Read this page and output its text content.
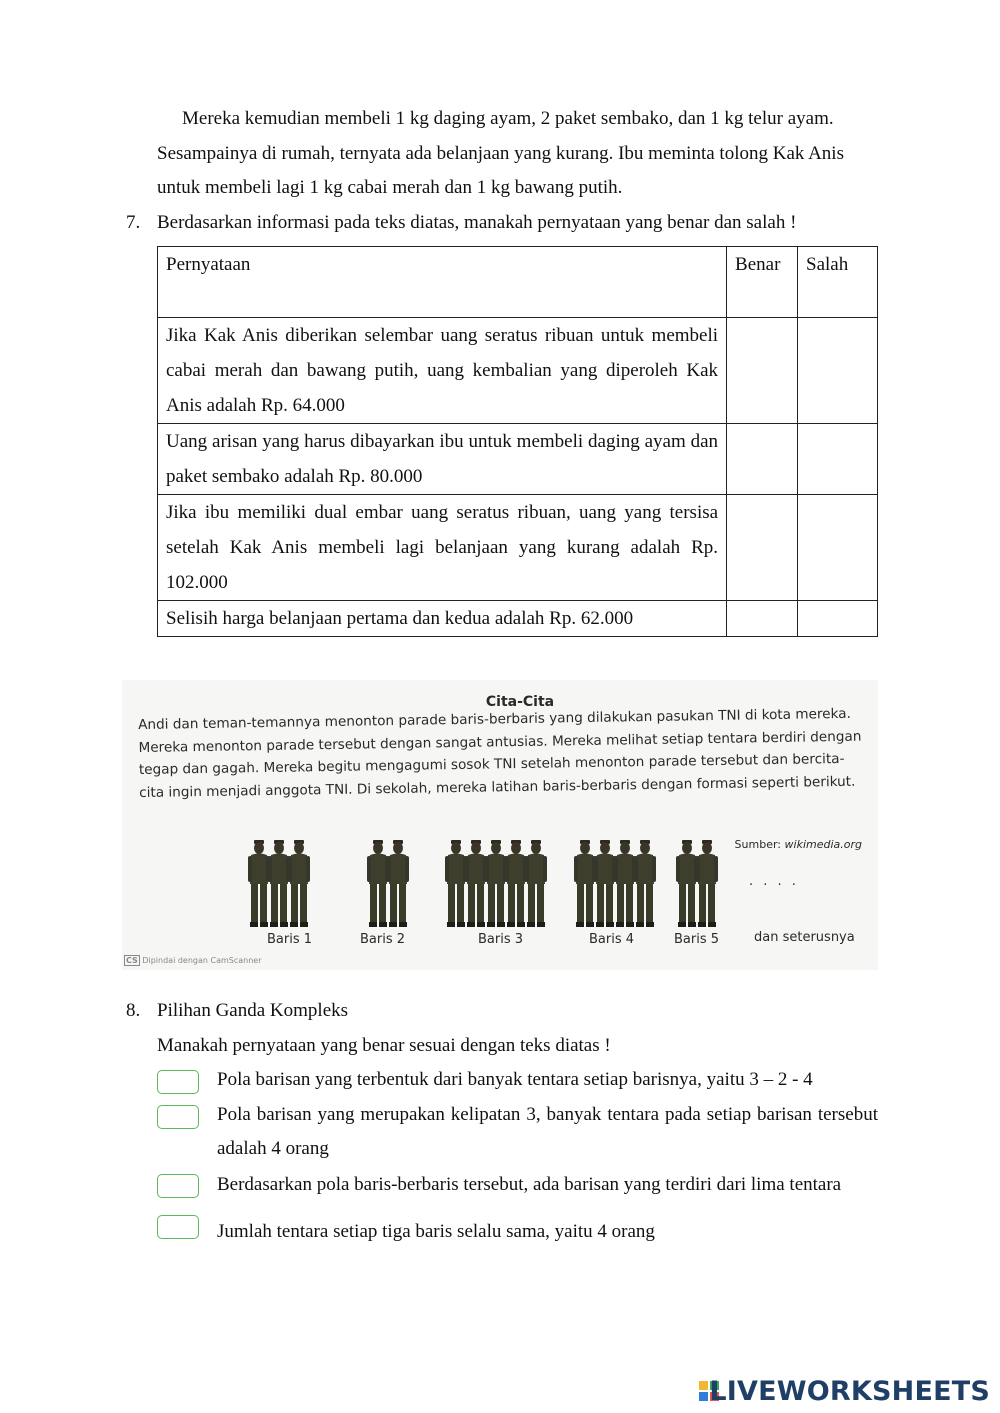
Mereka kemudian membeli 1 kg daging ayam, 2 paket sembako, dan 1 kg telur ayam.
Sesampainya di rumah, ternyata ada belanjaan yang kurang. Ibu meminta tolong Kak Anis
untuk membeli lagi 1 kg cabai merah dan 1 kg bawang putih.
7. Berdasarkan informasi pada teks diatas, manakah pernyataan yang benar dan salah !
Pernyataan	Benar	Salah
Jika Kak Anis diberikan selembar uang seratus ribuan untuk membeli cabai merah dan bawang putih, uang kembalian yang diperoleh Kak Anis adalah Rp. 64.000		
Uang arisan yang harus dibayarkan ibu untuk membeli daging ayam dan paket sembako adalah Rp. 80.000		
Jika ibu memiliki dual embar uang seratus ribuan, uang yang tersisa setelah Kak Anis membeli lagi belanjaan yang kurang adalah Rp. 102.000		
Selisih harga belanjaan pertama dan kedua adalah Rp. 62.000		
Cita-Cita
Andi dan teman-temannya menonton parade baris-berbaris yang dilakukan pasukan TNI di kota mereka. Mereka menonton parade tersebut dengan sangat antusias. Mereka melihat setiap tentara berdiri dengan tegap dan gagah. Mereka begitu mengagumi sosok TNI setelah menonton parade tersebut dan bercita-cita ingin menjadi anggota TNI. Di sekolah, mereka latihan baris-berbaris dengan formasi seperti berikut.
Sumber: wikimedia.org
. . . .
Baris 1	Baris 2	Baris 3	Baris 4	Baris 5	dan seterusnya
CS Dipindai dengan CamScanner
8. Pilihan Ganda Kompleks
Manakah pernyataan yang benar sesuai dengan teks diatas !
Pola barisan yang terbentuk dari banyak tentara setiap barisnya, yaitu 3 – 2 - 4
Pola barisan yang merupakan kelipatan 3, banyak tentara pada setiap barisan tersebut adalah 4 orang
Berdasarkan pola baris-berbaris tersebut, ada barisan yang terdiri dari lima tentara
Jumlah tentara setiap tiga baris selalu sama, yaitu 4 orang
LIVEWORKSHEETS
